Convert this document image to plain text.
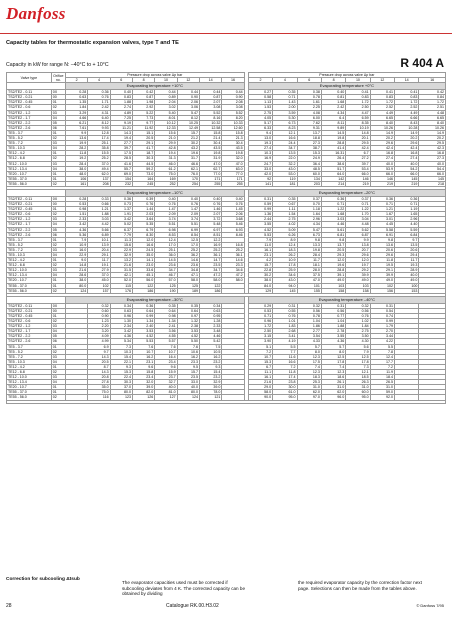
Danfoss
Capacity tables for thermostatic expansion valves, type T and TE
Capacity in kW for range N: –40°C to + 10°C	R 404 A
Valve type	Orifice no.	Pressure drop across valve Δp bar									Pressure drop across valve Δp bar							
		2	4	6	8	10	12	14	16		2	4	6	8	10	12	14	16
		Evaporating temperature +10°C									Evaporating temperature +0°C							
TS2/TE2 - 0.11	0X	0.28	0.36	0.40	0.42	0.44	0.44	0.44	0.44		0.27	0.35	0.38	0.40	0.41	0.41	0.41	0.42
TS2/TE2 - 0.21	00	0.63	0.76	0.83	0.87	0.89	0.90	0.87	0.90		0.58	0.71	0.78	0.81	0.83	0.83	0.83	0.84
TS2/TE2 - 0.45	01	1.35	1.71	1.88	1.98	2.04	2.06	2.07	2.08		1.13	1.43	1.61	1.68	1.72	1.72	1.72	1.72
TS2/TE2 - 0.6	02	1.84	2.42	2.74	2.92	3.02	3.06	3.08	3.08		1.53	2.00	2.25	2.42	2.50	2.52	2.52	2.51
TS2/TE2 - 1.2	03	3.29	4.31	4.89	5.22	5.40	5.47	5.52	5.52		2.75	3.59	4.08	4.34	4.47	4.49	4.49	4.48
TS2/TE2 - 1.7	04	4.66	6.40	7.25	7.73	8.01	8.12	8.16	8.20		4.05	5.30	6.00	6.4	6.59	6.65	6.66	6.65
TS2/TE2 - 2.2	05	6.21	8.12	9.19	9.77	10.12	10.25	10.32	10.33		5.17	6.73	7.62	8.11	8.35	8.40	8.43	8.40
TS2/TE2 - 2.6	06	7.61	9.93	11.21	11.92	12.33	12.49	12.58	12.60		6.33	8.23	9.31	9.89	10.19	10.26	10.28	10.26
TE5 - 3.7	01	9.9	12.8	14.3	15.1	15.6	15.7	15.8	15.8		9.4	12.1	13.7	14.5	14.8	14.9	14.9	14.9
TE5 - 5.2	02	13.6	17.4	19.4	20.5	21.0	21.2	21.4	21.3		13.0	16.6	18.8	19.8	20.1	20.2	20.2	20.2
TE5 - 7.2	03	19.9	25.1	27.7	29.1	29.9	30.2	30.4	30.4		19.3	24.4	27.3	28.8	29.5	29.6	29.6	29.5
TE5 - 10.3	04	28.2	35.8	39.7	41.7	42.8	43.2	43.5	43.5		27.4	34.7	38.7	41.4	42.4	42.4	42.4	42.3
TE12 - 4.2	01	11.8	15.5	17.5	18.7	19.4	19.6	19.8	19.8		10.3	13.5	15.3	16.31	6.7	16.8	16.8	16.8
TE12 - 6.8	02	19.2	25.2	28.5	30.3	31.3	31.7	31.9	32.0		16.9	22.0	24.9	26.4	27.2	27.4	27.4	27.3
TE12 - 10.0	03	28.4	37.0	41.6	44.5	46.0	46.6	47.0	47.0		24.7	32.2	36.4	38.6	39.7	40.0	40.0	40.0
TE12 - 13.4	04	38.0	49.4	55.7	59.2	61.2	62.1	62.7	63.0		33.0	43.0	48.5	51.7	53.4	53.9	54.2	54.4
TE20 - 10.7	01	48.0	62.0	69.0	73.0	75.0	76.0	77.0	77.0		42.0	53.0	60.0	64.0	66.0	66.0	66.0	66.0
TE55 - 37.0	01	106	137	154	164	169	170	171	171		92	119	134	142	146	146	145	145
TE55 - 56.0	02	161	208	232	245	252	254	255	255		141	181	203	214	219	219	219	218

		Evaporating temperature –10°C									Evaporating temperature –20°C							
TS2/TE2 - 0.11	0X	0.28	0.33	0.36	0.39	0.40	0.40	0.40	0.40		0.31	0.35	0.37	0.36	0.37	0.36	0.36	
TS2/TE2 - 0.21	00	0.53	0.66	0.73	0.76	0.76	0.76	0.76	0.76		0.59	0.67	0.70	0.71	0.71	0.71	0.71	
TS2/TE2 - 0.45	01	0.98	1.21	1.37	1.44	1.47	1.47	1.46	1.45		0.99	1.11	1.18	1.22	1.22	1.21	1.19	
TS2/TE2 - 0.6	02	1.51	1.88	1.91	2.03	2.09	2.09	2.07	2.06		1.36	1.54	1.64	1.68	1.70	1.67	1.65	
TS2/TE2 - 1.2	03	2.33	3.03	3.42	3.64	3.74	3.74	3.72	3.68		2.44	2.75	2.96	3.03	3.04	3.01	2.96	
TS2/TE2 - 1.7	04	3.42	4.42	5.02	5.35	5.51	5.51	5.48	5.46		3.55	4.02	4.34	4.46	4.48	4.45	4.40	
TS2/TE2 - 2.2	05	4.36	5.66	6.37	6.79	6.98	6.99	6.97	6.93		4.52	5.09	5.47	5.61	5.62	5.58	5.59	
TS2/TE2 - 2.6	06	5.36	6.89	7.79	8.30	8.53	8.54	8.51	8.46		5.53	6.26	6.73	6.81	6.87	6.91	6.84	
TE5 - 3.7	01	7.9	10.1	11.3	12.0	12.4	12.5	12.2			7.9	8.9	9.8	9.8	9.9	9.8	9.7	
TE5 - 5.2	02	10.9	13.9	15.6	16.6	17.0	17.0	16.9	16.8		11.0	12.4	13.3	13.7	13.8	13.6	13.5	
TE5 - 7.2	03	16.0	20.4	22.9	24.5	25.1	25.2	25.2	25.2		16.1	18.3	19.8	20.5	20.7	20.6	20.6	
TE5 - 10.3	04	22.9	29.1	32.9	35.0	36.0	36.2	36.1	36.1		23.1	26.2	28.4	29.3	29.6	29.6	29.4	
TE12 - 4.2	01	9.0	11.7	13.2	14.1	14.5	14.6	14.7	14.6		4.2	10.9	11.7	12.0	12.0	11.8	11.7	
TE12 - 6.8	02	14.8	19.1	21.6	23.0	23.6	23.6	23.5	23.3		15.7	17.8	18.1	19.6	19.7	19.5	19.3	
TE12 - 10.0	03	21.6	27.9	31.5	33.6	34.7	34.8	34.7	34.6		22.8	25.9	28.0	28.8	29.2	29.1	28.9	
TE12 - 13.4	04	28.6	37.0	42.1	45.1	46.7	47.1	47.2	47.2		30.2	34.6	37.5	39.1	39.9	39.9	40.0	
TE20 - 10.7	01	38.0	45.0	52.0	56.0	57.0	58.0	58.0	58.0		38.0	43.0	47.0	49.0	49.0	49.0	49.0	
TE55 - 37.0	01	80.0	102	115	122	125	125	122			84.0	94.0	101	103	103	102	100	
TE55 - 56.0	02	124	157	176	186	190	189	186			129	145	155	158	158	156	153	

		Evaporating temperature –30°C									Evaporating temperature –40°C							
TS2/TE2 - 0.11	0X		0.32	0.34	0.36	0.35	0.35	0.34			0.29	0.31	0.32	0.31	0.32	0.31		
TS2/TE2 - 0.21	00		0.60	0.63	0.64	0.64	0.64	0.63			0.53	0.55	0.56	0.56	0.56	0.54		
TS2/TE2 - 0.45	01		0.90	0.96	0.99	0.98	0.97	0.95			0.71	0.76	0.78	0.77	0.76	0.74		
TS2/TE2 - 0.6	02		1.23	1.30	1.34	1.34	1.32	1.28			0.96	1.01	1.04	1.04	1.02	0.99		
TS2/TE2 - 1.2	03		2.20	2.34	2.40	2.41	2.38	2.33			1.72	1.83	1.86	1.88	1.84	1.79		
TS2/TE2 - 1.7	04		3.20	3.42	3.53	3.56	3.53	3.48			2.50	2.68	2.77	2.78	2.75	2.70		
TS2/TE2 - 2.2	05		4.09	4.36	4.52	4.55	4.52	4.46			3.15	3.41	3.54	3.55	3.50	3.44		
TS2/TE2 - 2.6	06		4.99	5.34	5.53	5.57	5.50	5.42			3.90	4.19	4.33	4.36	4.30	4.22		
TE5 - 3.7	01		6.9	7.3	7.6	7.6	7.6	7.5			5.1	5.5	5.7	5.7	5.6	5.5		
TE5 - 5.2	02		9.7	10.3	10.7	10.7	10.6	10.5			7.2	7.7	8.0	8.0	7.9	7.8		
TE5 - 7.2	03		14.3	15.4	16.2	16.4	16.2	16.2			10.7	11.6	12.3	12.5	12.5	12.4		
TE5 - 10.3	04		20.5	22.1	23.1	23.4	23.3	23.2			15.3	16.6	17.5	17.8	17.8	17.7		
TE12 - 4.2	01		8.7	9.3	9.6	9.6	9.5	9.3			6.7	7.2	7.4	7.4	7.3	7.2		
TE12 - 6.8	02		14.3	15.3	15.8	15.9	15.7	15.4			11.1	11.8	12.3	12.3	12.1	11.9		
TE12 - 10.0	03		20.8	22.4	23.4	23.7	23.5	23.2			16.1	17.4	18.3	18.6	18.5	18.4		
TE12 - 13.4	04		27.8	30.3	32.0	32.7	33.0	32.9			21.6	23.8	25.3	26.1	26.3	26.5		
TE20 - 10.7	01		35.0	37.0	39.0	40.0	40.0	39.0			29.0	30.0	31.0	31.0	31.0	31.0		
TE55 - 37.0	01		75.0	80.0	82.0	81.0	80.0	78.0			58.0	61.0	62.0	62.0	60.0	59.0		
TE55 - 56.0	02		116	123	126	127	124	121			90.0	95.0	97.0	96.0	95.0	92.0		

Correction for subcooling Δtsub
The evaporator capacities used must be corrected if subcooling deviates from 4 K. The corrected capacity can be obtained by dividing
the required evaporator capacity by the correction factor next page. Selections can then be made from the tables above.
28	Catalogue RK.00.H3.02	© Danfoss 7/95
